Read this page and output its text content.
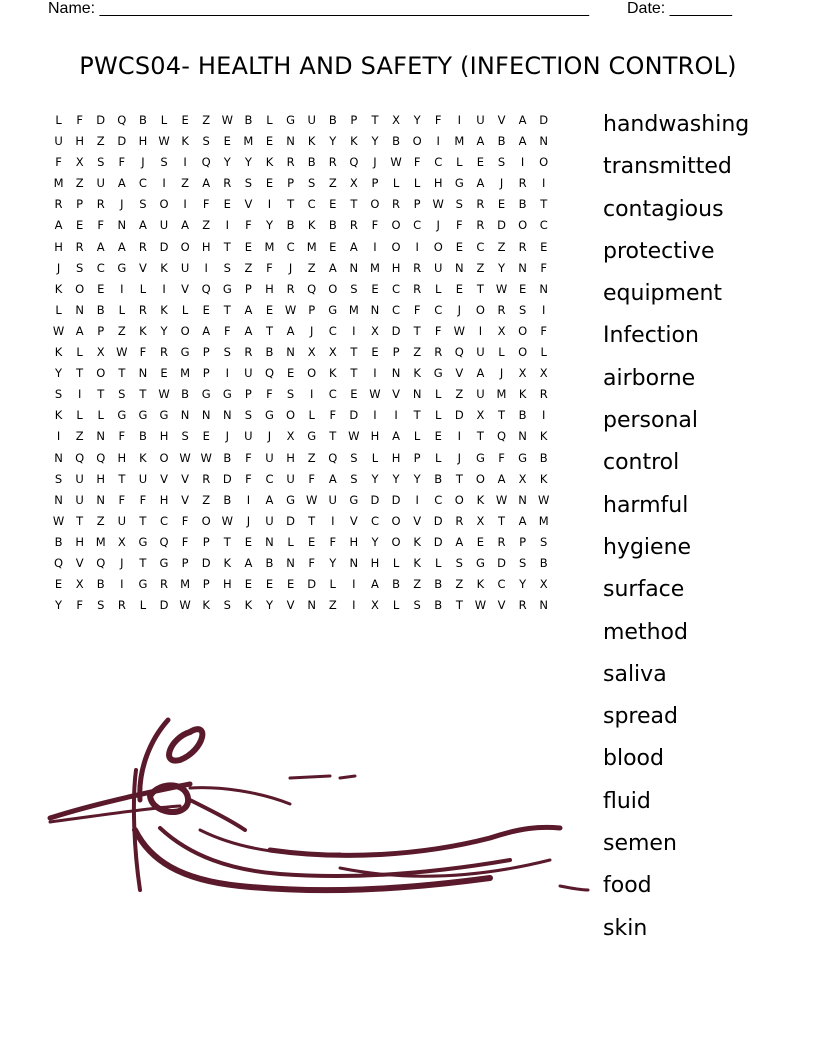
Name: _______________________________________________________ Date: _______
PWCS04- HEALTH AND SAFETY (INFECTION CONTROL)
L	F	D	Q	B	L	E	Z W B	L	G	U	B	P	T	X	Y	F	I	U	V	A	D
U	H	Z	D	H W	K	S	E	M	E	N	K	Y	K	Y	B	O	I	M	A	B	A	N
F	X	S	F	J	S	I	Q	Y	Y	K	R	B	R	Q	J	W	F	C	L	E	S	I	O
M	Z	U	A	C	I	Z	A	R	S	E	P	S	Z	X	P	L	L	H	G	A	J	R	I
R	P	R	J	S	O	I	F	E	V	I	T	C	E	T	O	R	P	W	S	R	E	B	T
A	E	F	N	A	U	A	Z	I	F	Y	B	K	B	R	F	O	C	J	F	R	D	O	C
H	R	A	A	R	D	O	H	T	E	M	C	M	E	A	I	O	I	O	E	C	Z	R	E
J	S	C	G	V	K	U	I	S	Z	F	J	Z	A	N	M	H	R	U	N	Z	Y	N	F
K	O	E	I	L	I	V	Q	G	P	H	R	Q	O	S	E	C	R	L	E	T	W	E	N
L	N	B	L	R	K	L	E	T	A	E	W	P	G	M	N	C	F	C	J	O	R	S	I
W A	P	Z	K	Y	O	A	F	A	T	A	J	C	I	X	D	T	F	W	I	X	O	F
K	L	X W	F	R	G	P	S	R	B	N	X	X	T	E	P	Z	R	Q	U	L	O	L
Y	T	O	T	N	E	M	P	I	U	Q	E	O	K	T	I	N	K	G	V	A	J	X	X
S	I	T	S	T	W B	G	G	P	F	S	I	C	E	W V	N	L	Z	U	M	K	R
K	L	L	G	G	G	N	N	N	S	G	O	L	F	D	I	I	T	L	D	X	T	B	I
I	Z	N	F	B	H	S	E	J	U	J	X	G	T	W H	A	L	E	I	T	Q	N	K
N	Q	Q	H	K	O W W B	F	U	H	Z	Q	S	L	H	P	L	J	G	F	G	B
S	U	H	T	U	V	V	R	D	F	C	U	F	A	S	Y	Y	Y	B	T	O	A	X	K
N	U	N	F	F	H	V	Z	B	I	A	G W U	G	D	D	I	C	O	K	W N W
W	T	Z	U	T	C	F	O W	J	U	D	T	I	V	C	O	V	D	R	X	T	A	M
B	H	M	X	G	Q	F	P	T	E	N	L	E	F	H	Y	O	K	D	A	E	R	P	S
Q	V	Q	J	T	G	P	D	K	A	B	N	F	Y	N	H	L	K	L	S	G	D	S	B
E	X	B	I	G	R	M	P	H	E	E	E	D	L	I	A	B	Z	B	Z	K	C	Y	X
Y	F	S	R	L	D W	K	S	K	Y	V	N	Z	I	X	L	S	B	T	W V	R	N
handwashing
transmitted
contagious
protective
equipment
Infection
airborne
personal
control
harmful
hygiene
surface
method
saliva
spread
blood
fluid
semen
food
skin
